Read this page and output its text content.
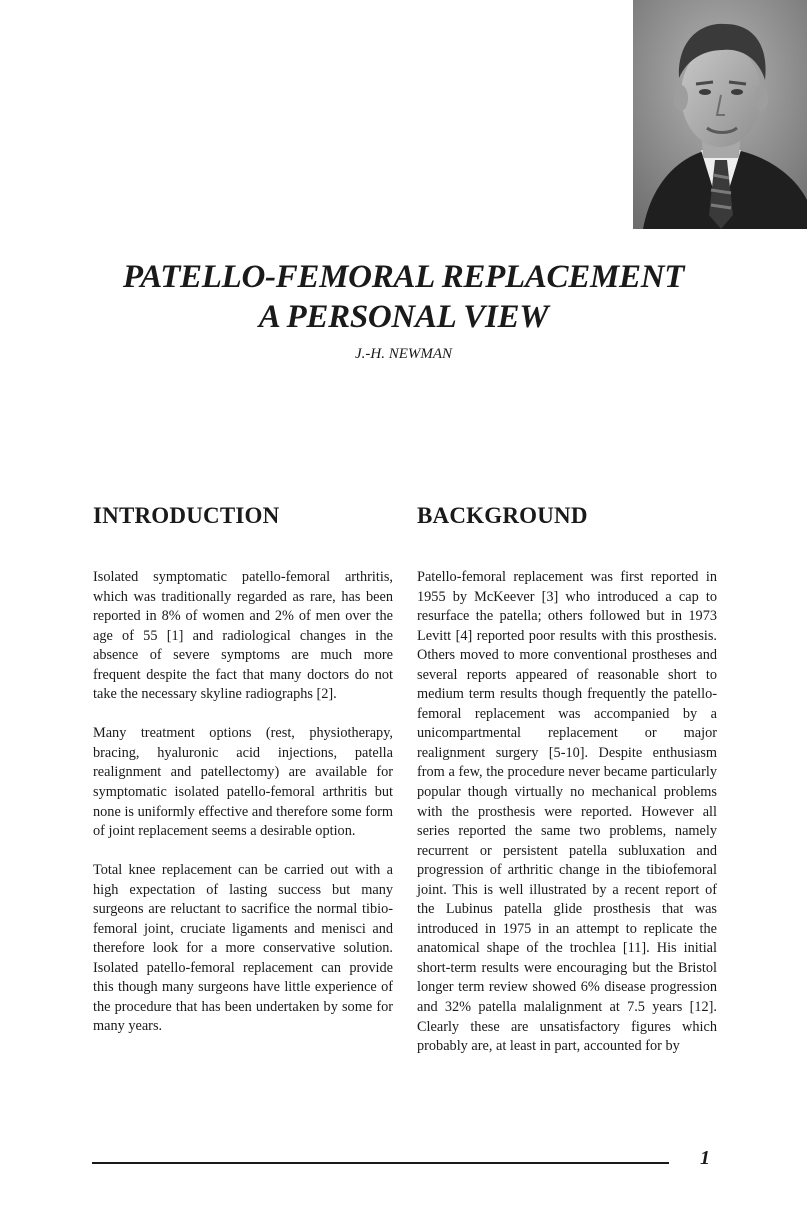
PATELLO-FEMORAL REPLACEMENT
A PERSONAL VIEW

J.-H. NEWMAN

INTRODUCTION	BACKGROUND

Isolated symptomatic patello-femoral arthritis, which was traditionally regarded as rare, has been reported in 8% of women and 2% of men over the age of 55 [1] and radiological changes in the absence of severe symptoms are much more frequent despite the fact that many doctors do not take the necessary skyline radiographs [2].

Many treatment options (rest, physiotherapy, bracing, hyaluronic acid injections, patella realignment and patellectomy) are available for symptomatic isolated patello-femoral arthritis but none is uniformly effective and therefore some form of joint replacement seems a desirable option.

Total knee replacement can be carried out with a high expectation of lasting success but many surgeons are reluctant to sacrifice the normal tibio-femoral joint, cruciate ligaments and menisci and therefore look for a more conservative solution. Isolated patello-femoral replacement can provide this though many surgeons have little experience of the procedure that has been undertaken by some for many years.

Patello-femoral replacement was first reported in 1955 by McKeever [3] who introduced a cap to resurface the patella; others followed but in 1973 Levitt [4] reported poor results with this prosthesis. Others moved to more conventional prostheses and several reports appeared of reasonable short to medium term results though frequently the patello-femoral replacement was accompanied by a unicompartmental replacement or major realignment surgery [5-10]. Despite enthusiasm from a few, the procedure never became particularly popular though virtually no mechanical problems with the prosthesis were reported. However all series reported the same two problems, namely recurrent or persistent patella subluxation and progression of arthritic change in the tibiofemoral joint. This is well illustrated by a recent report of the Lubinus patella glide prosthesis that was introduced in 1975 in an attempt to replicate the anatomical shape of the trochlea [11]. His initial short-term results were encouraging but the Bristol longer term review showed 6% disease progression and 32% patella malalignment at 7.5 years [12]. Clearly these are unsatisfactory figures which probably are, at least in part, accounted for by

1
